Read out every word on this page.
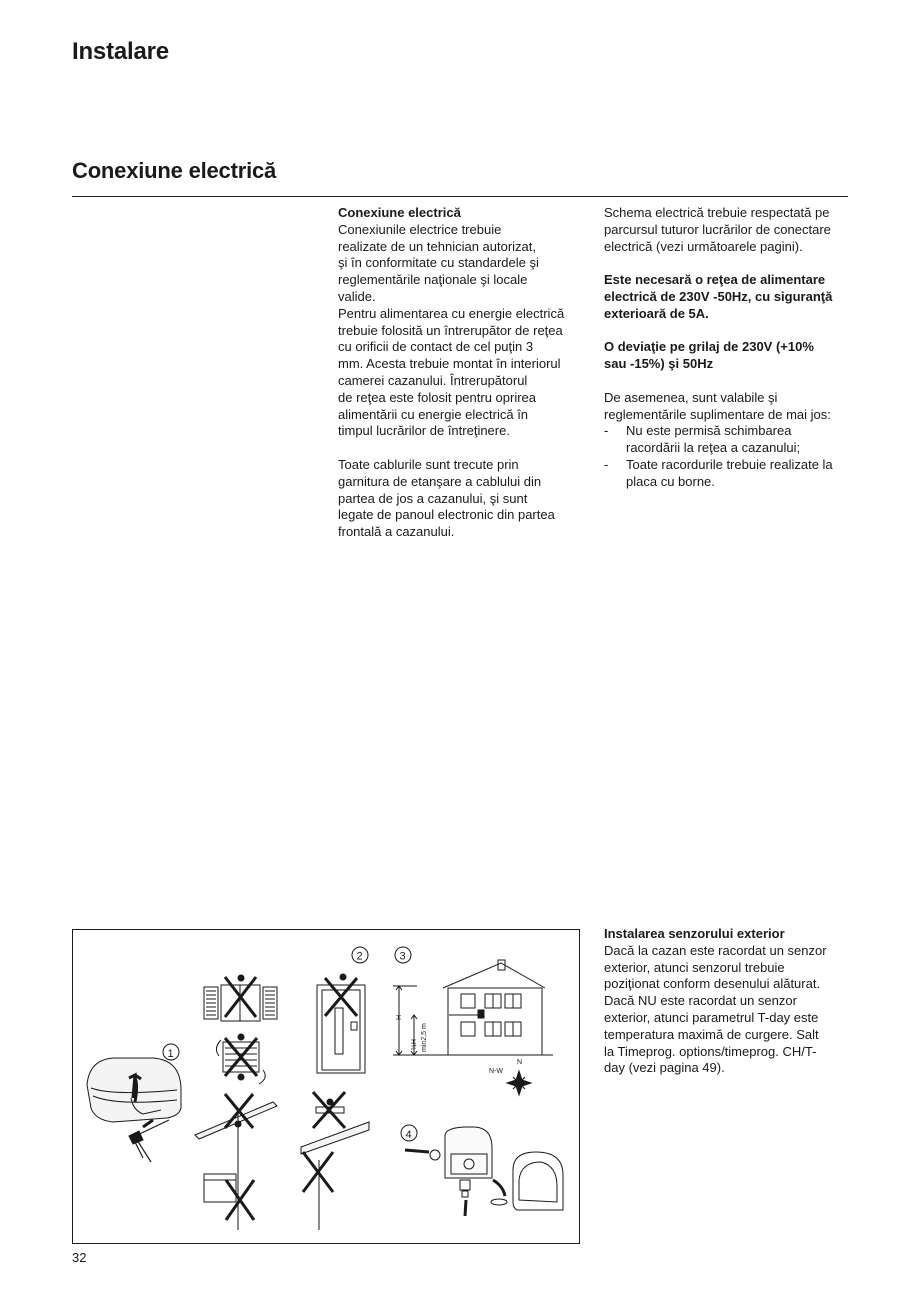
Instalare
Conexiune electrică

Conexiune electrică

Conexiunile electrice trebuie

realizate de un tehnician autorizat,

şi în conformitate cu standardele şi

reglementările naţionale şi locale

valide.

Pentru alimentarea cu energie electrică

trebuie folosită un întrerupător de reţea

cu orificii de contact de cel puţin 3

mm. Acesta trebuie montat în interiorul

camerei cazanului. Întrerupătorul

de reţea este folosit pentru oprirea

alimentării cu energie electrică în

timpul lucrărilor de întreţinere.

Toate cablurile sunt trecute prin

garnitura de etanşare a cablului din

partea de jos a cazanului, şi sunt

legate de panoul electronic din partea

frontală a cazanului.

Schema electrică trebuie respectată pe

parcursul tuturor lucrărilor de conectare

electrică (vezi următoarele pagini).

Este necesară o reţea de alimentare

electrică de 230V -50Hz, cu siguranţă

exterioară de 5A.

O deviaţie pe grilaj de 230V (+10%

sau -15%) şi 50Hz

De asemenea, sunt valabile şi

reglementările suplimentare de mai jos:

- Nu este permisă schimbarea
racordării la reţea a cazanului;
- Toate racordurile trebuie realizate la
placa cu borne.

Instalarea senzorului exterior

Dacă la cazan este racordat un senzor

exterior, atunci senzorul trebuie

poziţionat conform desenului alăturat.

Dacă NU este racordat un senzor

exterior, atunci parametrul T-day este

temperatura maximă de curgere. Salt

la Timeprog. options/timeprog. CH/T-

day (vezi pagina 49).

1
2	3
4
H
½H min2,5 m
N-W
N
32
